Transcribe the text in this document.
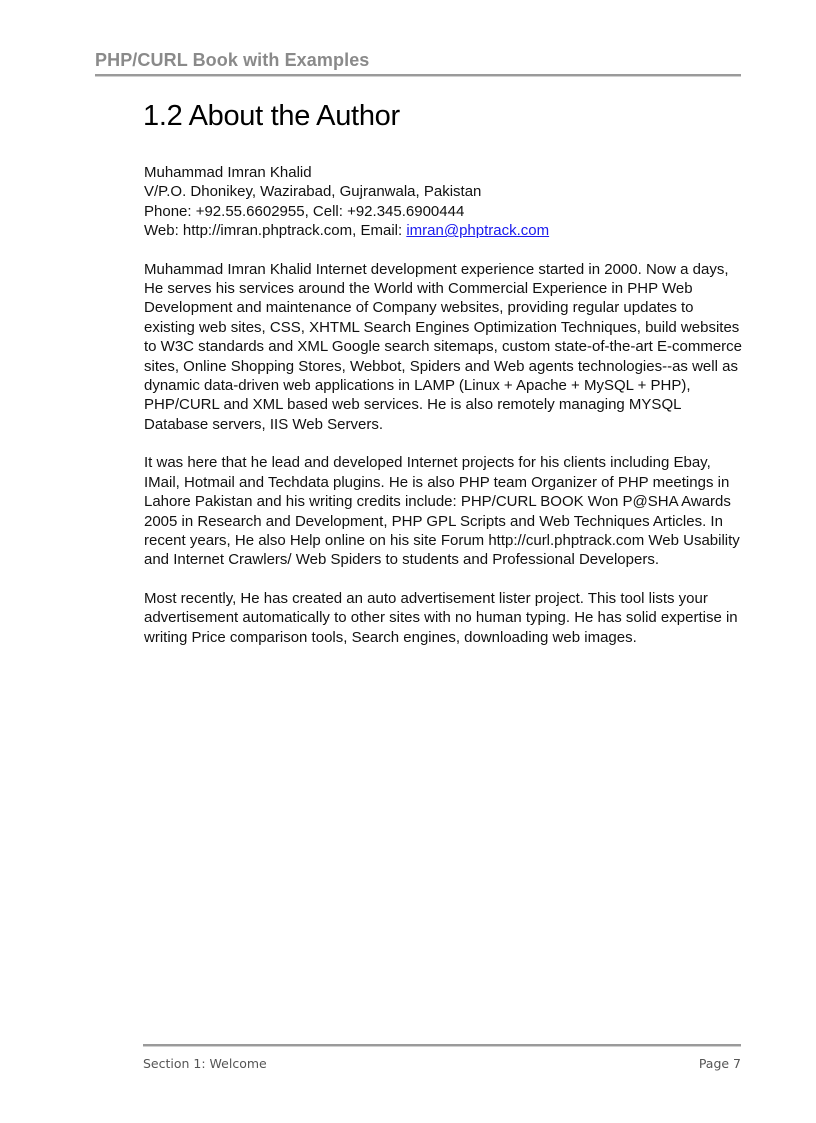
PHP/CURL Book with Examples
1.2 About the Author

Muhammad Imran Khalid
V/P.O. Dhonikey, Wazirabad, Gujranwala, Pakistan
Phone: +92.55.6602955, Cell: +92.345.6900444
Web: http://imran.phptrack.com, Email: imran@phptrack.com

Muhammad Imran Khalid Internet development experience started in 2000. Now a days, He serves his services around the World with Commercial Experience in PHP Web Development and maintenance of Company websites, providing regular updates to existing web sites, CSS, XHTML Search Engines Optimization Techniques, build websites to W3C standards and XML Google search sitemaps, custom state-of-the-art E-commerce sites, Online Shopping Stores, Webbot, Spiders and Web agents technologies--as well as dynamic data-driven web applications in LAMP (Linux + Apache + MySQL + PHP), PHP/CURL and XML based web services. He is also remotely managing MYSQL Database servers, IIS Web Servers.

It was here that he lead and developed Internet projects for his clients including Ebay, IMail, Hotmail and Techdata plugins. He is also PHP team Organizer of PHP meetings in Lahore Pakistan and his writing credits include: PHP/CURL BOOK Won P@SHA Awards 2005 in Research and Development, PHP GPL Scripts and Web Techniques Articles. In recent years, He also Help online on his site Forum http://curl.phptrack.com Web Usability and Internet Crawlers/ Web Spiders to students and Professional Developers.

Most recently, He has created an auto advertisement lister project. This tool lists your advertisement automatically to other sites with no human typing. He has solid expertise in writing Price comparison tools, Search engines, downloading web images.

Section 1: Welcome	Page 7
